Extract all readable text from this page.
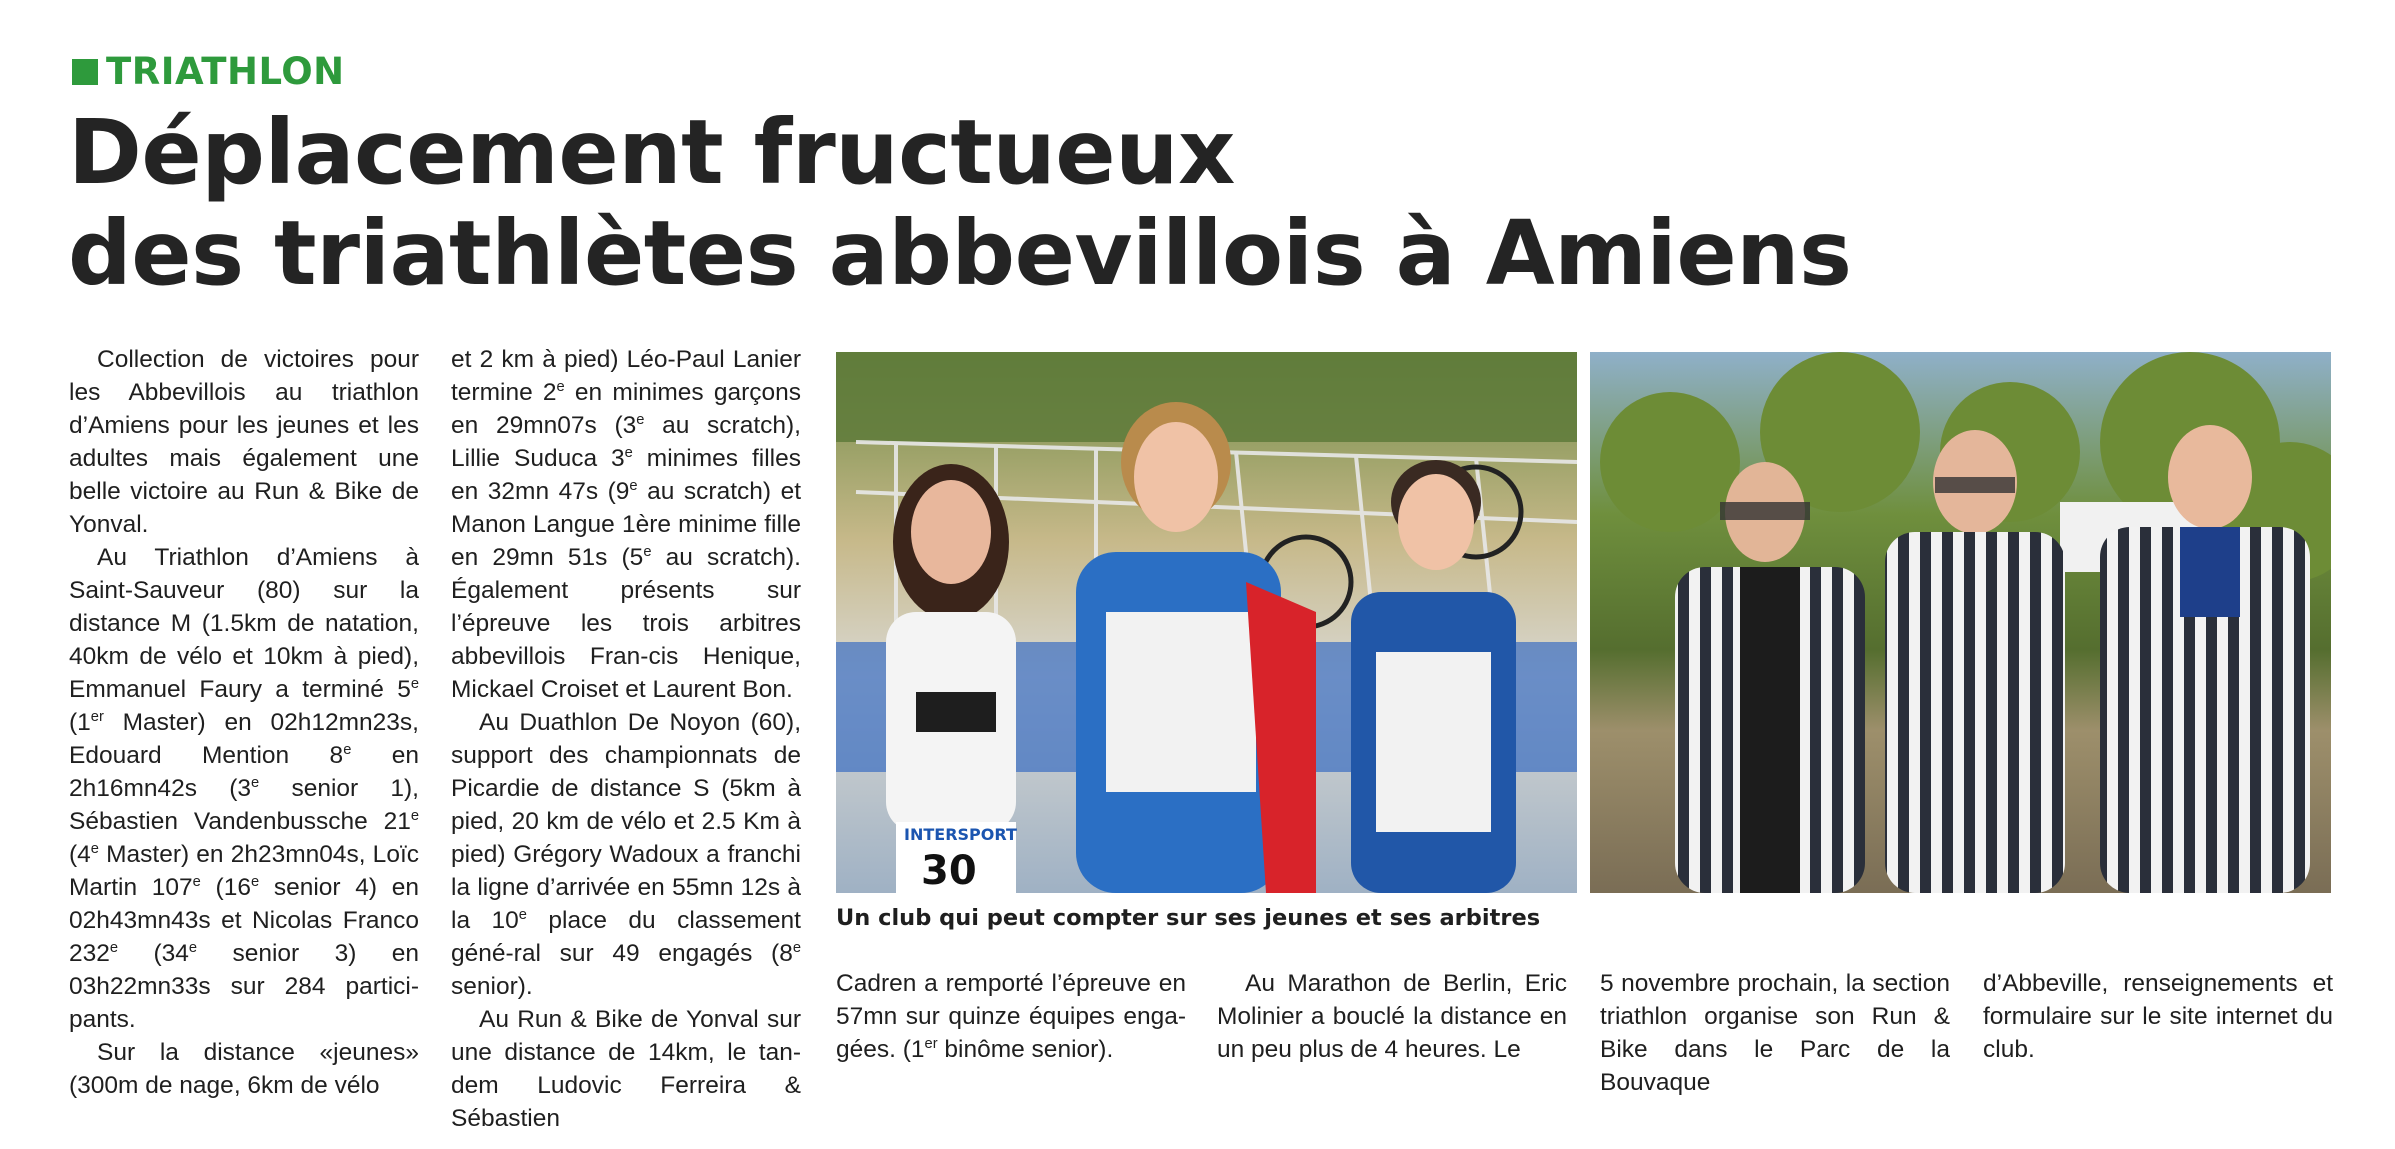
TRIATHLON
Déplacement fructueux
des triathlètes abbevillois à Amiens

Collection de victoires pour les Abbevillois au triathlon d’Amiens pour les jeunes et les adultes mais également une belle victoire au Run & Bike de Yonval.

Au Triathlon d’Amiens à Saint-Sauveur (80) sur la distance M (1.5km de natation, 40km de vélo et 10km à pied), Emmanuel Faury a terminé 5e (1er Master) en 02h12mn23s, Edouard Mention 8e en 2h16mn42s (3e senior 1), Sébastien Vandenbussche 21e (4e Master) en 2h23mn04s, Loïc Martin 107e (16e senior 4) en 02h43mn43s et Nicolas Franco 232e (34e senior 3) en 03h22mn33s sur 284 partici-pants.

Sur la distance «jeunes» (300m de nage, 6km de vélo

et 2 km à pied) Léo-Paul Lanier termine 2e en minimes garçons en 29mn07s (3e au scratch), Lillie Suduca 3e minimes filles en 32mn 47s (9e au scratch) et Manon Langue 1ère minime fille en 29mn 51s (5e au scratch). Également présents sur l’épreuve les trois arbitres abbevillois Fran-cis Henique, Mickael Croiset et Laurent Bon.

Au Duathlon De Noyon (60), support des championnats de Picardie de distance S (5km à pied, 20 km de vélo et 2.5 Km à pied) Grégory Wadoux a franchi la ligne d’arrivée en 55mn 12s à la 10e place du classement géné-ral sur 49 engagés (8e senior).

Au Run & Bike de Yonval sur une distance de 14km, le tan-dem Ludovic Ferreira & Sébastien

INTERSPORT
30
Un club qui peut compter sur ses jeunes et ses arbitres

Cadren a remporté l’épreuve en 57mn sur quinze équipes enga-gées. (1er binôme senior).

Au Marathon de Berlin, Eric Molinier a bouclé la distance en un peu plus de 4 heures. Le

5 novembre prochain, la section triathlon organise son Run & Bike dans le Parc de la Bouvaque

d’Abbeville, renseignements et formulaire sur le site internet du club.
